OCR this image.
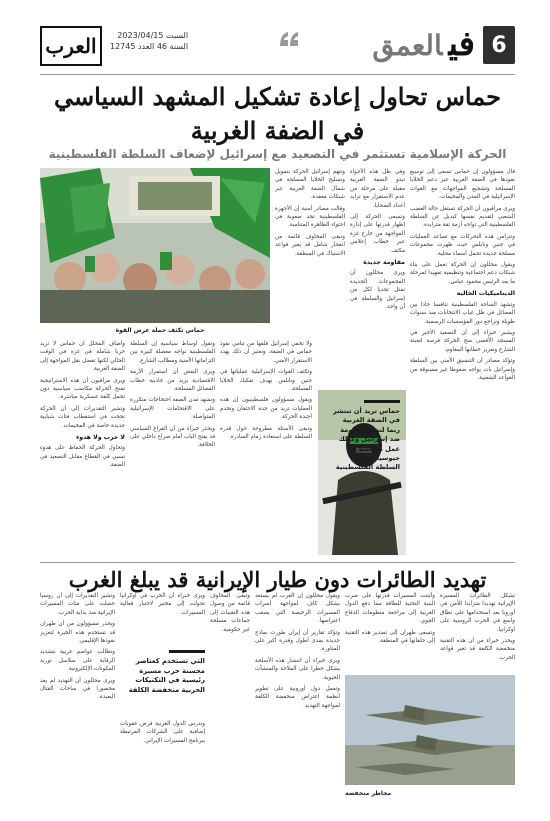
6
فيالعمق
السبت 2023/04/15
السنة 46 العدد 12745
العرب
حماس تحاول إعادة تشكيل المشهد السياسي
في الضفة الغربية
الحركة الإسلامية تستثمر في التصعيد مع إسرائيل لإضعاف السلطة الفلسطينية
حماس تكثف حملة عرض القوة

قال مسؤولون إن حماس تسعى إلى توسيع نفوذها في الضفة الغربية عبر دعم الخلايا المسلحة وتشجيع المواجهات مع القوات الإسرائيلية في المدن والمخيمات.

ويرى مراقبون أن الحركة تستغل حالة الغضب الشعبي لتقديم نفسها كبديل عن السلطة الفلسطينية التي تواجه أزمة ثقة متزايدة.

وتتزامن هذه التحركات مع تصاعد العمليات في جنين ونابلس حيث ظهرت مجموعات مسلحة جديدة تحمل أسماء محلية.

ويقول محللون إن الحركة تعمل على بناء شبكات دعم اجتماعية وتنظيمية تمهيدا لمرحلة ما بعد الرئيس محمود عباس.

الديناميكيات الخالية

وتشهد الساحة الفلسطينية تنافسا حادا بين الفصائل في ظل غياب الانتخابات منذ سنوات طويلة وتراجع دور المؤسسات الرسمية.

ويشير خبراء إلى أن التصعيد الأخير في المسجد الأقصى منح الحركة فرصة لتعبئة الشارع وتعزيز خطابها المقاوم.

وتؤكد مصادر أن التنسيق الأمني بين السلطة وإسرائيل بات يواجه ضغوطا غير مسبوقة من القواعد الشعبية.

وفي ظل هذه الأجواء تبدو الضفة الغربية مقبلة على مرحلة من عدم الاستقرار مع تزايد أعداد الضحايا.

وتسعى الحركة إلى إظهار قدرتها على إدارة المواجهة من خارج غزة عبر خطاب إعلامي مكثف.

مقاومة جديدة

ويرى محللون أن المجموعات الجديدة تمثل تحديا لكل من إسرائيل والسلطة في آن واحد.

وتتهم إسرائيل الحركة بتمويل وتسليح الخلايا المسلحة في شمال الضفة الغربية عبر شبكات معقدة.

وقالت مصادر أمنية إن الأجهزة الفلسطينية تجد صعوبة في احتواء الظاهرة المتنامية.

وتبقى المخاوف قائمة من انفجار شامل قد يغير قواعد الاشتباك في المنطقة.

حماس تريد أن تنتشر في الضفة الغربية ربما لتخلق مقاومة ضد إسرائيل وكذلك عمل منافسة جيوسياسية مع السلطة الفلسطينية

وأضاف المحلل أن حماس لا تريد حربا شاملة في غزة في الوقت الحالي لكنها تفضل نقل المواجهة إلى الضفة الغربية.

ويرى مراقبون أن هذه الاستراتيجية تمنح الحركة مكاسب سياسية دون تحمل كلفة عسكرية مباشرة.

وتشير التقديرات إلى أن الحركة نجحت في استقطاب فئات شبابية جديدة خاصة في المخيمات.

لا حرب ولا هدوء

وتحاول الحركة الحفاظ على هدوء نسبي في القطاع مقابل التصعيد في الضفة.

وتقول أوساط سياسية إن السلطة الفلسطينية تواجه معضلة كبيرة بين التزاماتها الأمنية ومطالب الشارع.

ويرى البعض أن استمرار الأزمة الاقتصادية يزيد من جاذبية خطاب الفصائل المسلحة.

وتشهد مدن الضفة احتجاجات متكررة على الاقتحامات الإسرائيلية المتواصلة.

ويحذر خبراء من أن الفراغ السياسي قد يفتح الباب أمام صراع داخلي على الخلافة.

ولا تخفي إسرائيل قلقها من تنامي نفوذ حماس في الضفة، وتعتبر أن ذلك يهدد الاستقرار الأمني.

وتكثف القوات الإسرائيلية عملياتها في جنين ونابلس بهدف تفكيك الخلايا المسلحة.

ويقول مسؤولون فلسطينيون إن هذه العمليات تزيد من حدة الاحتقان وتخدم أجندة الحركة.

وتبقى الأسئلة مطروحة حول قدرة السلطة على استعادة زمام المبادرة.

تهديد الطائرات دون طيار الإيرانية قد يبلغ الغرب
مخاطر منخفضة
التي تستخدم كعناصر محسنة حرب مسيرة رئيسية في التكتيكات الحربية منخفضة الكلفة

تشكل الطائرات المسيرة الإيرانية تهديدا متزايدا للأمن في أوروبا بعد استخدامها على نطاق واسع في الحرب الروسية على أوكرانيا.

ويحذر خبراء من أن هذه التقنية منخفضة الكلفة قد تغير قواعد الحرب.

وأثبتت المسيرات قدرتها على ضرب البنية التحتية للطاقة مما دفع الدول الغربية إلى مراجعة منظومات الدفاع الجوي.

وتسعى طهران إلى تصدير هذه التقنية إلى حلفائها في المنطقة.

ويقول محللون إن الغرب لم يستعد بشكل كاف لمواجهة أسراب المسيرات الرخيصة التي يصعب اعتراضها.

وتؤكد تقارير أن إيران طورت نماذج جديدة بمدى أطول وقدرة أكبر على المناورة.

ويرى خبراء أن انتشار هذه الأسلحة يشكل خطرا على الملاحة والمنشآت الحيوية.

وتعمل دول أوروبية على تطوير أنظمة اعتراض منخفضة الكلفة لمواجهة التهديد.

وتبقى المخاوف قائمة من وصول هذه التقنيات إلى جماعات مسلحة غير حكومية.

ويرى خبراء أن الحرب في أوكرانيا تحولت إلى مختبر لاختبار فعالية المسيرات.

وتدرس الدول الغربية فرض عقوبات إضافية على الشركات المرتبطة ببرنامج المسيرات الإيراني.

وتشير التقديرات إلى أن روسيا حصلت على مئات المسيرات الإيرانية منذ بداية الحرب.

ويحذر مسؤولون من أن طهران قد تستخدم هذه الخبرة لتعزيز نفوذها الإقليمي.

وتطالب عواصم غربية بتشديد الرقابة على سلاسل توريد المكونات الإلكترونية.

ويرى محللون أن التهديد لم يعد محصورا في ساحات القتال البعيدة.
